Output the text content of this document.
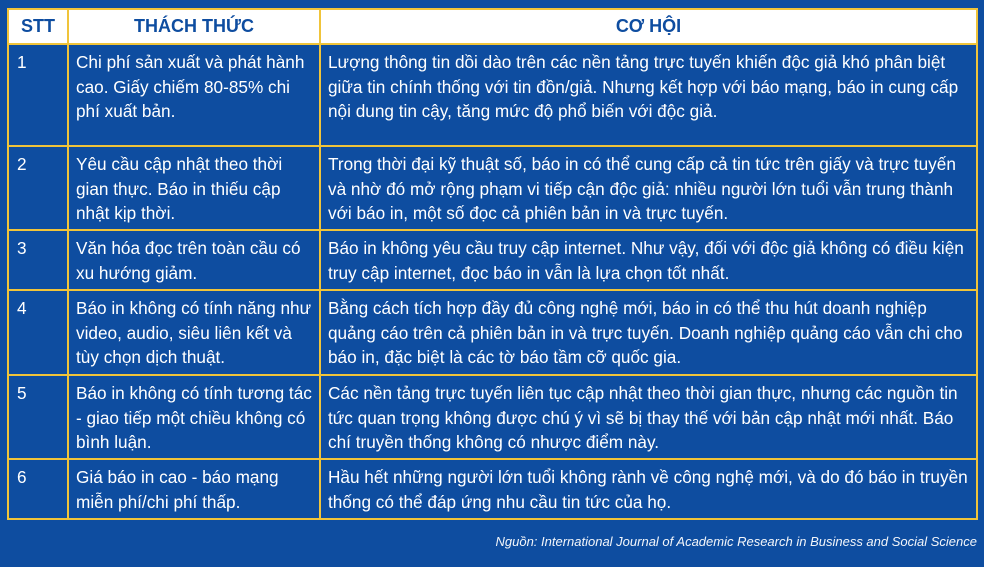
STT	THÁCH THỨC	CƠ HỘI
1	Chi phí sản xuất và phát hành cao. Giấy chiếm 80-85% chi phí xuất bản.	Lượng thông tin dồi dào trên các nền tảng trực tuyến khiến độc giả khó phân biệt giữa tin chính thống với tin đồn/giả. Nhưng kết hợp với báo mạng, báo in cung cấp nội dung tin cậy, tăng mức độ phổ biến với độc giả.
2	Yêu cầu cập nhật theo thời gian thực. Báo in thiếu cập nhật kịp thời.	Trong thời đại kỹ thuật số, báo in có thể cung cấp cả tin tức trên giấy và trực tuyến và nhờ đó mở rộng phạm vi tiếp cận độc giả: nhiều người lớn tuổi vẫn trung thành với báo in, một số đọc cả phiên bản in và trực tuyến.
3	Văn hóa đọc trên toàn cầu có xu hướng giảm.	Báo in không yêu cầu truy cập internet. Như vậy, đối với độc giả không có điều kiện truy cập internet, đọc báo in vẫn là lựa chọn tốt nhất.
4	Báo in không có tính năng như video, audio, siêu liên kết và tùy chọn dịch thuật.	Bằng cách tích hợp đầy đủ công nghệ mới, báo in có thể thu hút doanh nghiệp quảng cáo trên cả phiên bản in và trực tuyến. Doanh nghiệp quảng cáo vẫn chi cho báo in, đặc biệt là các tờ báo tầm cỡ quốc gia.
5	Báo in không có tính tương tác - giao tiếp một chiều không có bình luận.	Các nền tảng trực tuyến liên tục cập nhật theo thời gian thực, nhưng các nguồn tin tức quan trọng không được chú ý vì sẽ bị thay thế với bản cập nhật mới nhất. Báo chí truyền thống không có nhược điểm này.
6	Giá báo in cao - báo mạng miễn phí/chi phí thấp.	Hầu hết những người lớn tuổi không rành về công nghệ mới, và do đó báo in truyền thống có thể đáp ứng nhu cầu tin tức của họ.
Nguồn: International Journal of Academic Research in Business and Social Science
